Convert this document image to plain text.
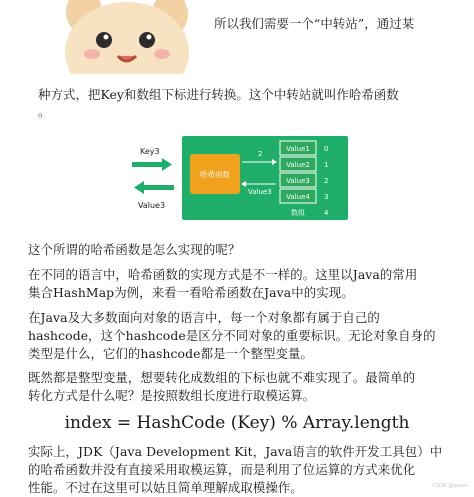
所以我们需要一个“中转站”，通过某
种方式，把Key和数组下标进行转换。这个中转站就叫作哈希函数
。
Key3
Value3
哈希函数
2
Value3
Value1
Value2
Value3
Value4
0
1
2
3
4
数组
这个所谓的哈希函数是怎么实现的呢？
在不同的语言中，哈希函数的实现方式是不一样的。这里以Java的常用
集合HashMap为例，来看一看哈希函数在Java中的实现。
在Java及大多数面向对象的语言中，每一个对象都有属于自己的
hashcode，这个hashcode是区分不同对象的重要标识。无论对象自身的
类型是什么，它们的hashcode都是一个整型变量。
既然都是整型变量，想要转化成数组的下标也就不难实现了。最简单的
转化方式是什么呢？是按照数组长度进行取模运算。
index = HashCode (Key) % Array.length
实际上，JDK（Java Development Kit，Java语言的软件开发工具包）中
的哈希函数并没有直接采用取模运算，而是利用了位运算的方式来优化
性能。不过在这里可以姑且简单理解成取模操作。	CSDN @xxxxx
